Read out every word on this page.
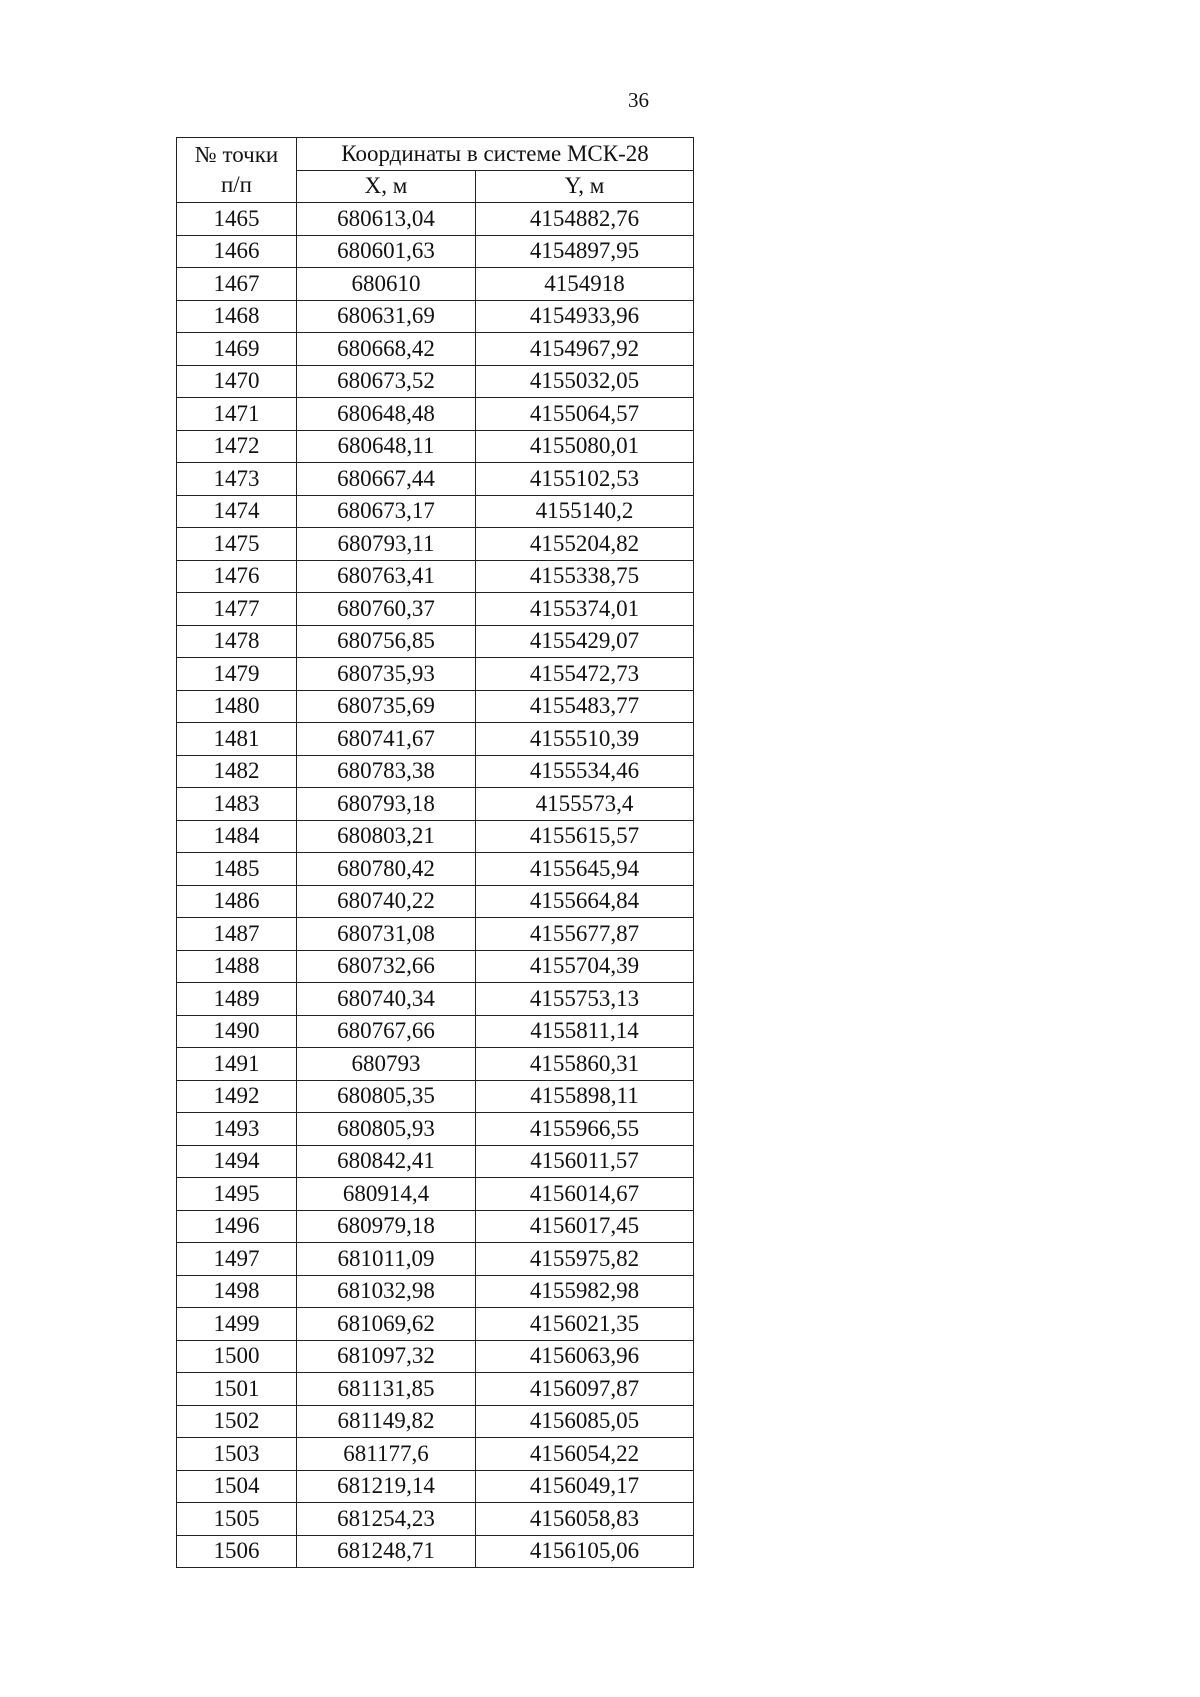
36
№ точки
п/п	Координаты в системе МСК-28	
	X, м	Y, м
1465	680613,04	4154882,76
1466	680601,63	4154897,95
1467	680610	4154918
1468	680631,69	4154933,96
1469	680668,42	4154967,92
1470	680673,52	4155032,05
1471	680648,48	4155064,57
1472	680648,11	4155080,01
1473	680667,44	4155102,53
1474	680673,17	4155140,2
1475	680793,11	4155204,82
1476	680763,41	4155338,75
1477	680760,37	4155374,01
1478	680756,85	4155429,07
1479	680735,93	4155472,73
1480	680735,69	4155483,77
1481	680741,67	4155510,39
1482	680783,38	4155534,46
1483	680793,18	4155573,4
1484	680803,21	4155615,57
1485	680780,42	4155645,94
1486	680740,22	4155664,84
1487	680731,08	4155677,87
1488	680732,66	4155704,39
1489	680740,34	4155753,13
1490	680767,66	4155811,14
1491	680793	4155860,31
1492	680805,35	4155898,11
1493	680805,93	4155966,55
1494	680842,41	4156011,57
1495	680914,4	4156014,67
1496	680979,18	4156017,45
1497	681011,09	4155975,82
1498	681032,98	4155982,98
1499	681069,62	4156021,35
1500	681097,32	4156063,96
1501	681131,85	4156097,87
1502	681149,82	4156085,05
1503	681177,6	4156054,22
1504	681219,14	4156049,17
1505	681254,23	4156058,83
1506	681248,71	4156105,06
